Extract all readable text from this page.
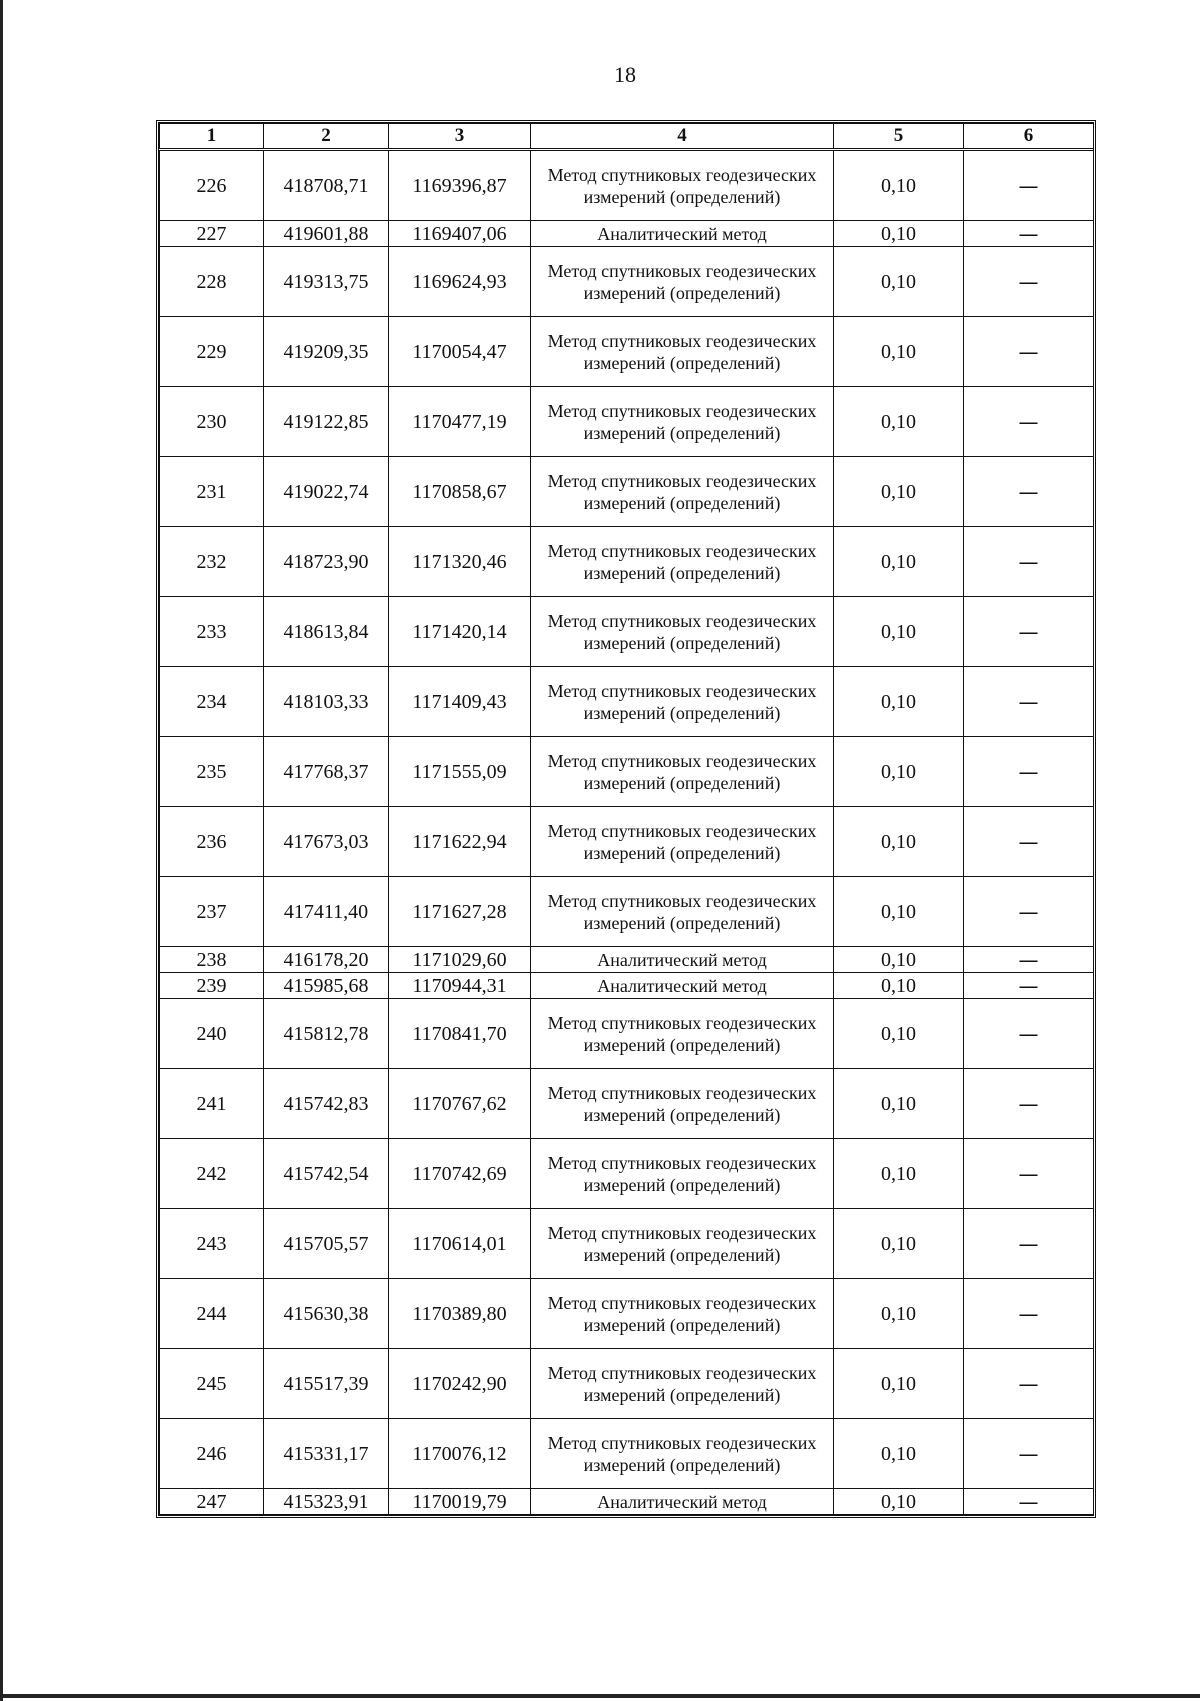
18
1	2	3	4	5	6
226	418708,71	1169396,87	Метод спутниковых геодезических измерений (определений)	0,10	—
227	419601,88	1169407,06	Аналитический метод	0,10	—
228	419313,75	1169624,93	Метод спутниковых геодезических измерений (определений)	0,10	—
229	419209,35	1170054,47	Метод спутниковых геодезических измерений (определений)	0,10	—
230	419122,85	1170477,19	Метод спутниковых геодезических измерений (определений)	0,10	—
231	419022,74	1170858,67	Метод спутниковых геодезических измерений (определений)	0,10	—
232	418723,90	1171320,46	Метод спутниковых геодезических измерений (определений)	0,10	—
233	418613,84	1171420,14	Метод спутниковых геодезических измерений (определений)	0,10	—
234	418103,33	1171409,43	Метод спутниковых геодезических измерений (определений)	0,10	—
235	417768,37	1171555,09	Метод спутниковых геодезических измерений (определений)	0,10	—
236	417673,03	1171622,94	Метод спутниковых геодезических измерений (определений)	0,10	—
237	417411,40	1171627,28	Метод спутниковых геодезических измерений (определений)	0,10	—
238	416178,20	1171029,60	Аналитический метод	0,10	—
239	415985,68	1170944,31	Аналитический метод	0,10	—
240	415812,78	1170841,70	Метод спутниковых геодезических измерений (определений)	0,10	—
241	415742,83	1170767,62	Метод спутниковых геодезических измерений (определений)	0,10	—
242	415742,54	1170742,69	Метод спутниковых геодезических измерений (определений)	0,10	—
243	415705,57	1170614,01	Метод спутниковых геодезических измерений (определений)	0,10	—
244	415630,38	1170389,80	Метод спутниковых геодезических измерений (определений)	0,10	—
245	415517,39	1170242,90	Метод спутниковых геодезических измерений (определений)	0,10	—
246	415331,17	1170076,12	Метод спутниковых геодезических измерений (определений)	0,10	—
247	415323,91	1170019,79	Аналитический метод	0,10	—
